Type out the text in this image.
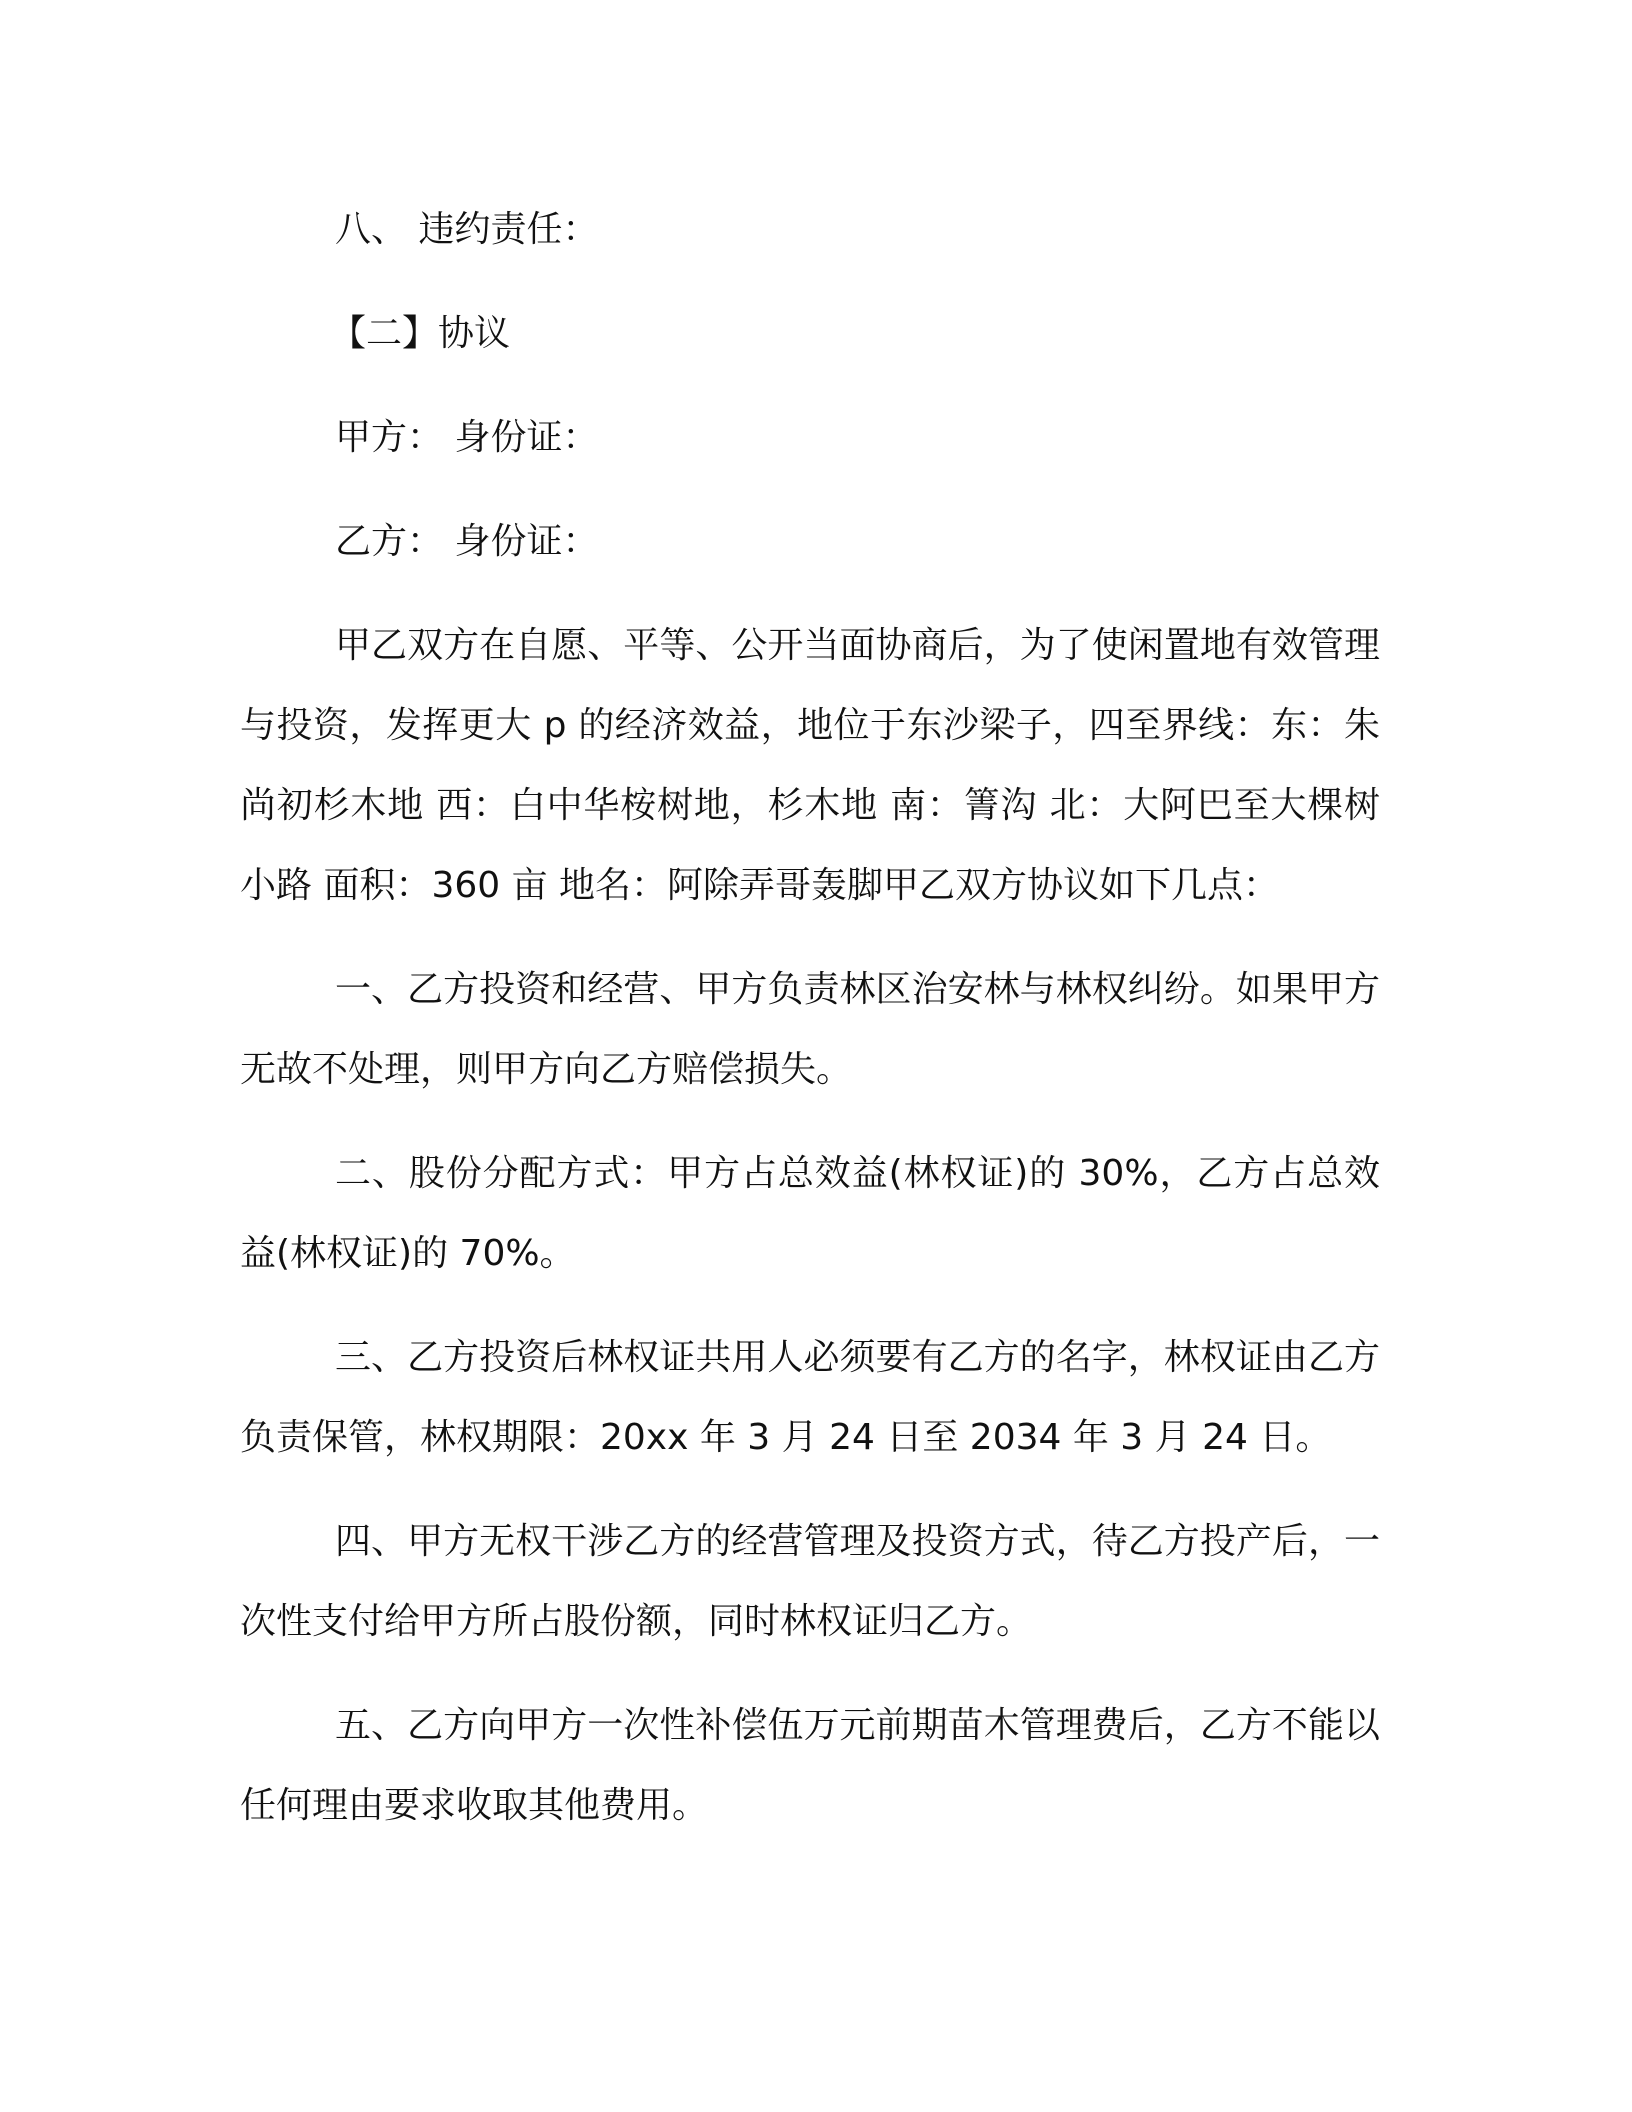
八、 违约责任：

【二】协议

甲方： 身份证：

乙方： 身份证：

甲乙双方在自愿、平等、公开当面协商后，为了使闲置地有效管理与投资，发挥更大 p 的经济效益，地位于东沙梁子，四至界线：东：朱尚初杉木地 西：白中华桉树地，杉木地 南：箐沟 北：大阿巴至大棵树小路 面积：360 亩 地名：阿除弄哥轰脚甲乙双方协议如下几点：

一、乙方投资和经营、甲方负责林区治安林与林权纠纷。如果甲方无故不处理，则甲方向乙方赔偿损失。

二、股份分配方式：甲方占总效益(林权证)的 30%，乙方占总效益(林权证)的 70%。

三、乙方投资后林权证共用人必须要有乙方的名字，林权证由乙方负责保管，林权期限：20xx 年 3 月 24 日至 2034 年 3 月 24 日。

四、甲方无权干涉乙方的经营管理及投资方式，待乙方投产后，一次性支付给甲方所占股份额，同时林权证归乙方。

五、乙方向甲方一次性补偿伍万元前期苗木管理费后，乙方不能以任何理由要求收取其他费用。
